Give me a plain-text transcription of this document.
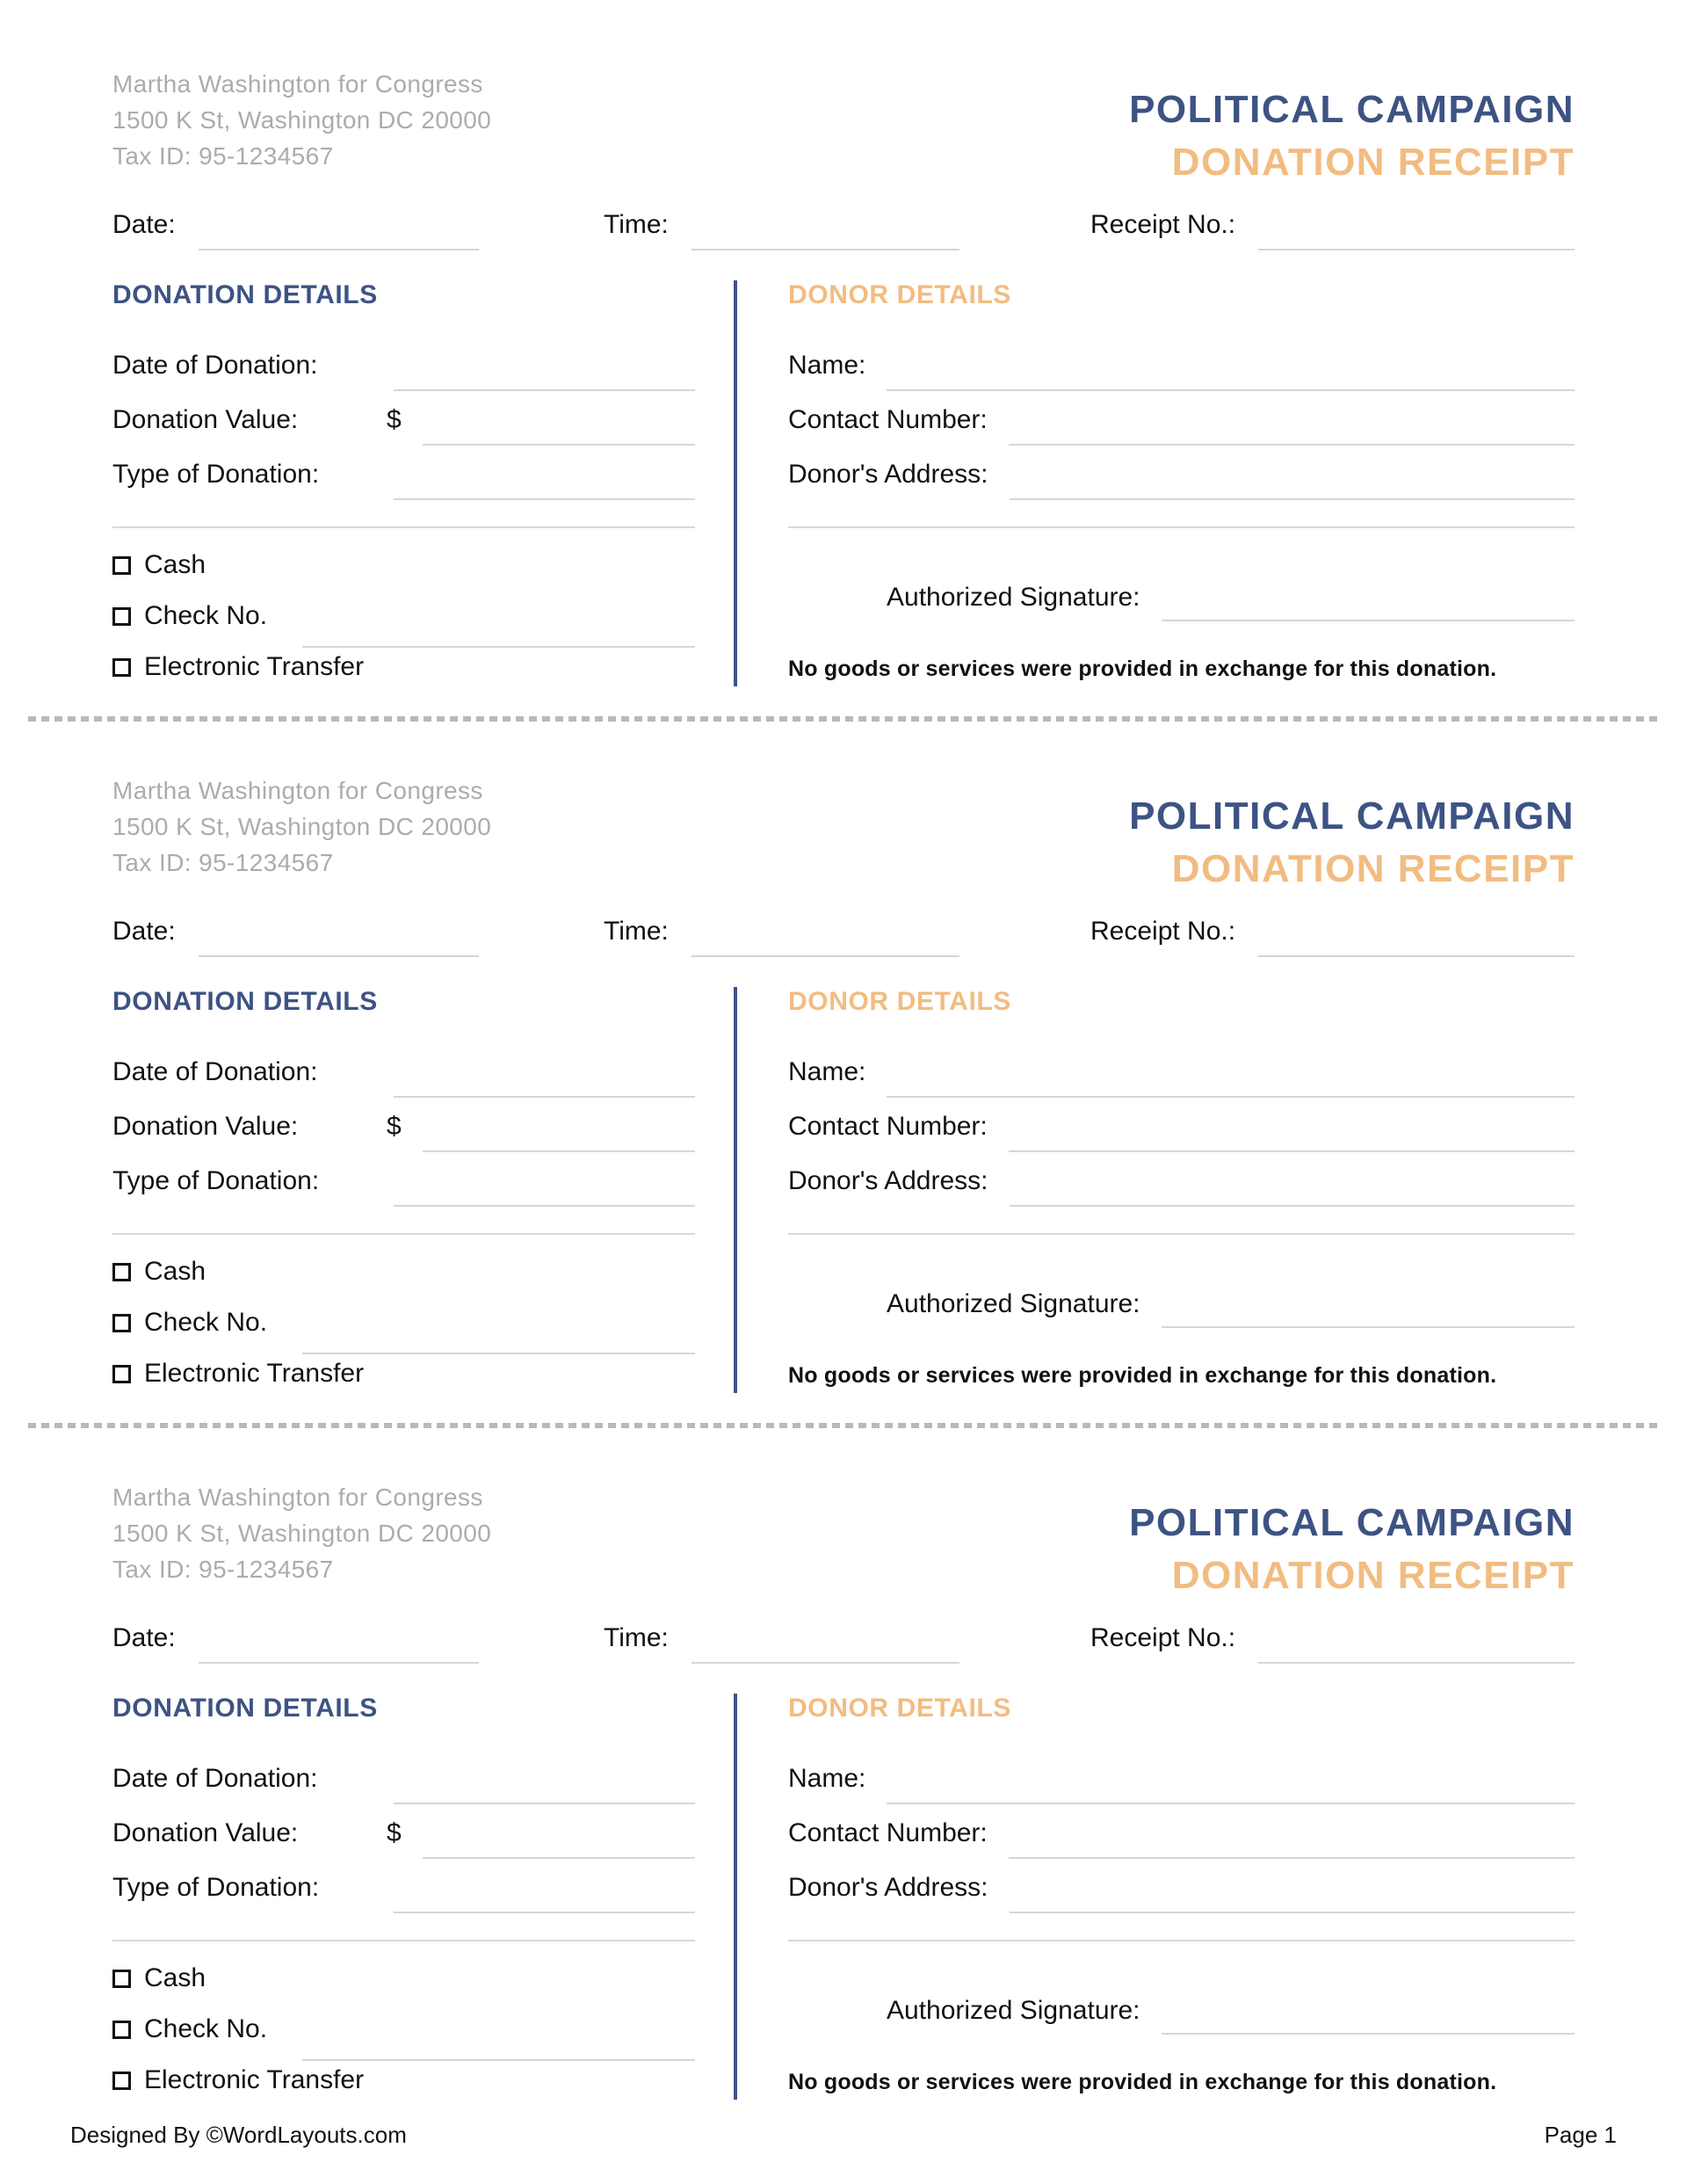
Martha Washington for Congress
1500 K St, Washington DC 20000
Tax ID: 95-1234567
POLITICAL CAMPAIGN
DONATION RECEIPT
Date:	Time:	Receipt No.:
DONATION DETAILS
Date of Donation:
Donation Value:	$
Type of Donation:
Cash
Check No.
Electronic Transfer
DONOR DETAILS
Name:
Contact Number:
Donor's Address:
Authorized Signature:
No goods or services were provided in exchange for this donation.
Martha Washington for Congress
1500 K St, Washington DC 20000
Tax ID: 95-1234567
POLITICAL CAMPAIGN
DONATION RECEIPT
Date:	Time:	Receipt No.:
DONATION DETAILS
Date of Donation:
Donation Value:	$
Type of Donation:
Cash
Check No.
Electronic Transfer
DONOR DETAILS
Name:
Contact Number:
Donor's Address:
Authorized Signature:
No goods or services were provided in exchange for this donation.
Martha Washington for Congress
1500 K St, Washington DC 20000
Tax ID: 95-1234567
POLITICAL CAMPAIGN
DONATION RECEIPT
Date:	Time:	Receipt No.:
DONATION DETAILS
Date of Donation:
Donation Value:	$
Type of Donation:
Cash
Check No.
Electronic Transfer
DONOR DETAILS
Name:
Contact Number:
Donor's Address:
Authorized Signature:
No goods or services were provided in exchange for this donation.
Designed By ©WordLayouts.com	Page 1
